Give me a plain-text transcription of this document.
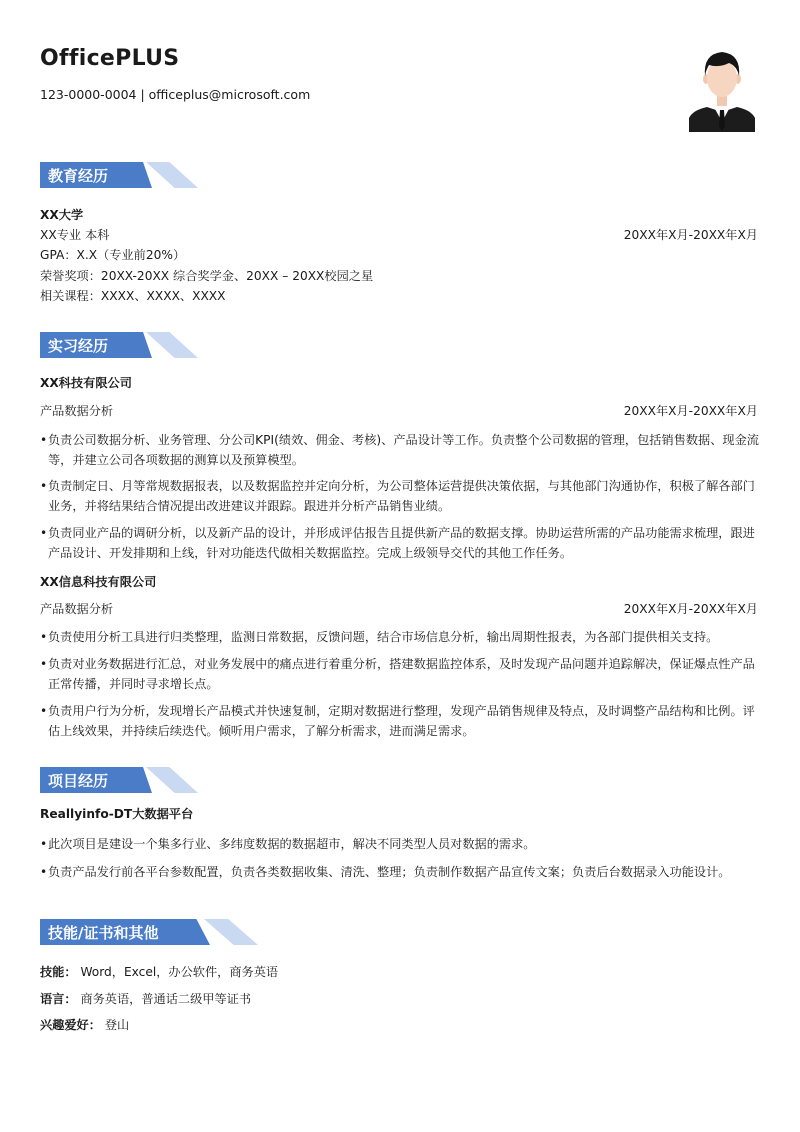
OfficePLUS
123-0000-0004 | officeplus@microsoft.com
教育经历
XX大学
XX专业 本科	20XX年X月-20XX年X月
GPA：X.X（专业前20%）
荣誉奖项：20XX-20XX 综合奖学金、20XX – 20XX校园之星
相关课程：XXXX、XXXX、XXXX
实习经历
XX科技有限公司
产品数据分析	20XX年X月-20XX年X月
• 负责公司数据分析、业务管理、分公司KPI(绩效、佣金、考核)、产品设计等工作。负责整个公司数据的管理，包括销售数据、现金流等，并建立公司各项数据的测算以及预算模型。
• 负责制定日、月等常规数据报表，以及数据监控并定向分析，为公司整体运营提供决策依据，与其他部门沟通协作，积极了解各部门业务，并将结果结合情况提出改进建议并跟踪。跟进并分析产品销售业绩。
• 负责同业产品的调研分析，以及新产品的设计，并形成评估报告且提供新产品的数据支撑。协助运营所需的产品功能需求梳理，跟进产品设计、开发排期和上线，针对功能迭代做相关数据监控。完成上级领导交代的其他工作任务。
XX信息科技有限公司
产品数据分析	20XX年X月-20XX年X月
• 负责使用分析工具进行归类整理，监测日常数据，反馈问题，结合市场信息分析，输出周期性报表，为各部门提供相关支持。
• 负责对业务数据进行汇总，对业务发展中的痛点进行着重分析，搭建数据监控体系，及时发现产品问题并追踪解决，保证爆点性产品正常传播，并同时寻求增长点。
• 负责用户行为分析，发现增长产品模式并快速复制，定期对数据进行整理，发现产品销售规律及特点，及时调整产品结构和比例。评估上线效果，并持续后续迭代。倾听用户需求，了解分析需求，进而满足需求。
项目经历
Reallyinfo-DT大数据平台
• 此次项目是建设一个集多行业、多纬度数据的数据超市，解决不同类型人员对数据的需求。
• 负责产品发行前各平台参数配置，负责各类数据收集、清洗、整理；负责制作数据产品宣传文案；负责后台数据录入功能设计。
技能/证书和其他
技能： Word，Excel，办公软件，商务英语
语言： 商务英语，普通话二级甲等证书
兴趣爱好： 登山
